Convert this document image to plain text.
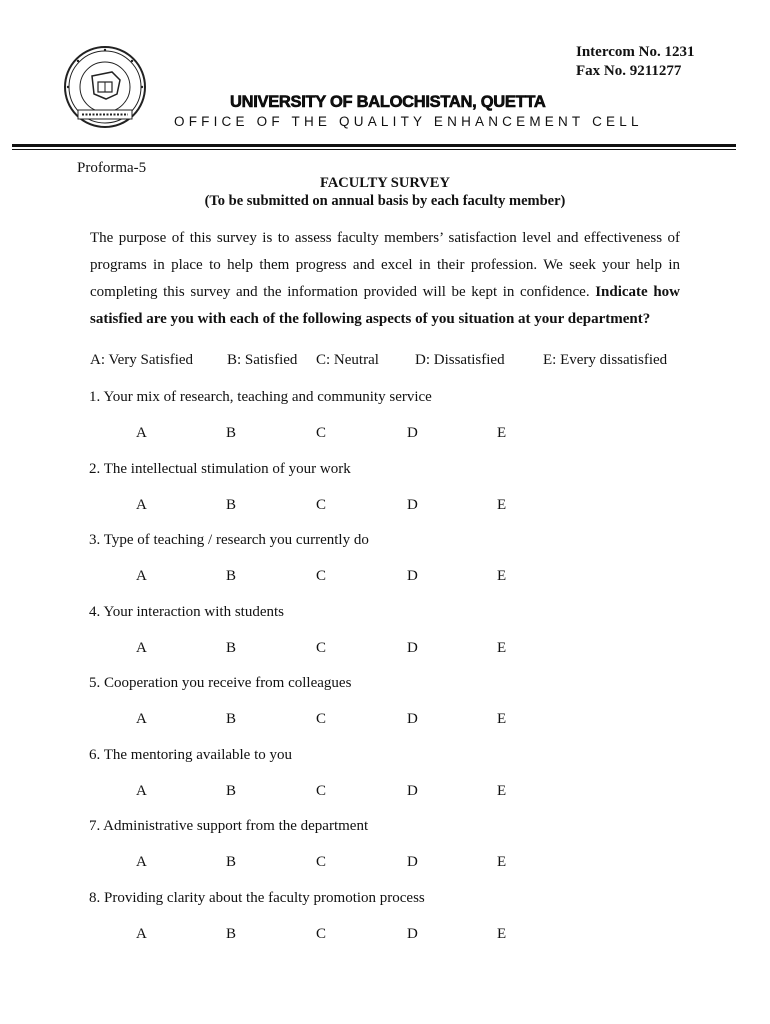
Intercom No. 1231
Fax No. 9211277
UNIVERSITY OF BALOCHISTAN, QUETTA
OFFICE OF THE QUALITY ENHANCEMENT CELL
Proforma-5
FACULTY SURVEY
(To be submitted on annual basis by each faculty member)
The purpose of this survey is to assess faculty members’ satisfaction level and effectiveness of programs in place to help them progress and excel in their profession. We seek your help in completing this survey and the information provided will be kept in confidence. Indicate how satisfied are you with each of the following aspects of you situation at your department?
A: Very Satisfied B: Satisfied C: Neutral D: Dissatisfied	E: Every dissatisfied
1. Your mix of research, teaching and community service
A	B	C	D	E
2. The intellectual stimulation of your work
A	B	C	D	E
3. Type of teaching / research you currently do
A	B	C	D	E
4. Your interaction with students
A	B	C	D	E
5. Cooperation you receive from colleagues
A	B	C	D	E
6. The mentoring available to you
A	B	C	D	E
7. Administrative support from the department
A	B	C	D	E
8. Providing clarity about the faculty promotion process
A	B	C	D	E
